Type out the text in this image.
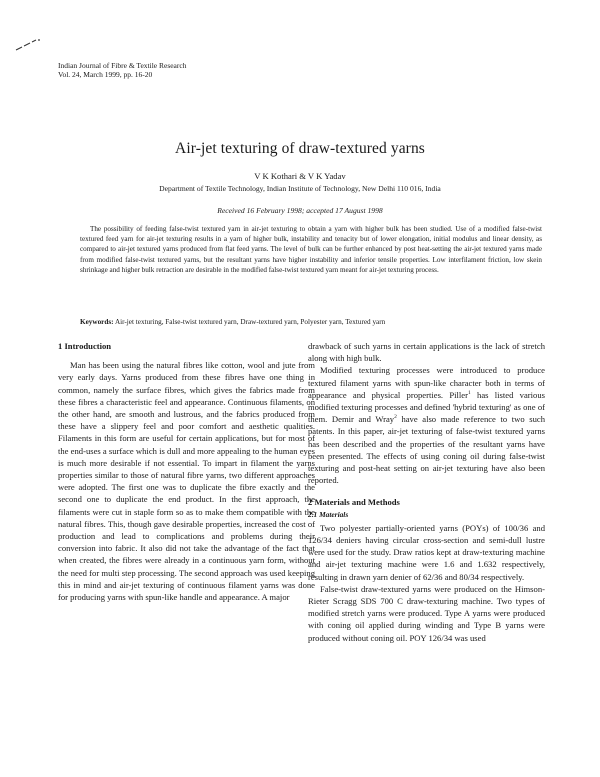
Indian Journal of Fibre & Textile Research
Vol. 24, March 1999, pp. 16-20
Air-jet texturing of draw-textured yarns
V K Kothari & V K Yadav
Department of Textile Technology, Indian Institute of Technology, New Delhi 110 016, India
Received 16 February 1998; accepted 17 August 1998
The possibility of feeding false-twist textured yarn in air-jet texturing to obtain a yarn with higher bulk has been studied. Use of a modified false-twist textured feed yarn for air-jet texturing results in a yarn of higher bulk, instability and tenacity but of lower elongation, initial modulus and linear density, as compared to air-jet textured yarns produced from flat feed yarns. The level of bulk can be further enhanced by post heat-setting the air-jet textured yarns made from modified false-twist textured yarns, but the resultant yarns have higher instability and inferior tensile properties. Low interfilament friction, low skein shrinkage and higher bulk retraction are desirable in the modified false-twist textured yarn meant for air-jet texturing process.
Keywords: Air-jet texturing, False-twist textured yarn, Draw-textured yarn, Polyester yarn, Textured yarn
1 Introduction

Man has been using the natural fibres like cotton, wool and jute from very early days. Yarns produced from these fibres have one thing in common, namely the surface fibres, which gives the fabrics made from these fibres a characteristic feel and appearance. Continuous filaments, on the other hand, are smooth and lustrous, and the fabrics produced from these have a slippery feel and poor comfort and aesthetic qualities. Filaments in this form are useful for certain applications, but for most of the end-uses a surface which is dull and more appealing to the human eyes is much more desirable if not essential. To impart in filament the yarns properties similar to those of natural fibre yarns, two different approaches were adopted. The first one was to duplicate the fibre exactly and the second one to duplicate the end product. In the first approach, the filaments were cut in staple form so as to make them compatible with the natural fibres. This, though gave desirable properties, increased the cost of production and lead to complications and problems during their conversion into fabric. It also did not take the advantage of the fact that when created, the fibres were already in a continuous yarn form, without the need for multi step processing. The second approach was used keeping this in mind and air-jet texturing of continuous filament yarns was done for producing yarns with spun-like handle and appearance. A major

drawback of such yarns in certain applications is the lack of stretch along with high bulk.

Modified texturing processes were introduced to produce textured filament yarns with spun-like character both in terms of appearance and physical properties. Piller$^1$ has listed various modified texturing processes and defined 'hybrid texturing' as one of them. Demir and Wray$^2$ have also made reference to two such patents. In this paper, air-jet texturing of false-twist textured yarns has been described and the properties of the resultant yarns have been presented. The effects of using coning oil during false-twist texturing and post-heat setting on air-jet texturing have also been reported.

2 Materials and Methods
2.1 Materials

Two polyester partially-oriented yarns (POYs) of 100/36 and 126/34 deniers having circular cross-section and semi-dull lustre were used for the study. Draw ratios kept at draw-texturing machine and air-jet texturing machine were 1.6 and 1.632 respectively, resulting in drawn yarn denier of 62/36 and 80/34 respectively.

False-twist draw-textured yarns were produced on the Himson-Rieter Scragg SDS 700 C draw-texturing machine. Two types of modified stretch yarns were produced. Type A yarns were produced with coning oil applied during winding and Type B yarns were produced without coning oil. POY 126/34 was used
